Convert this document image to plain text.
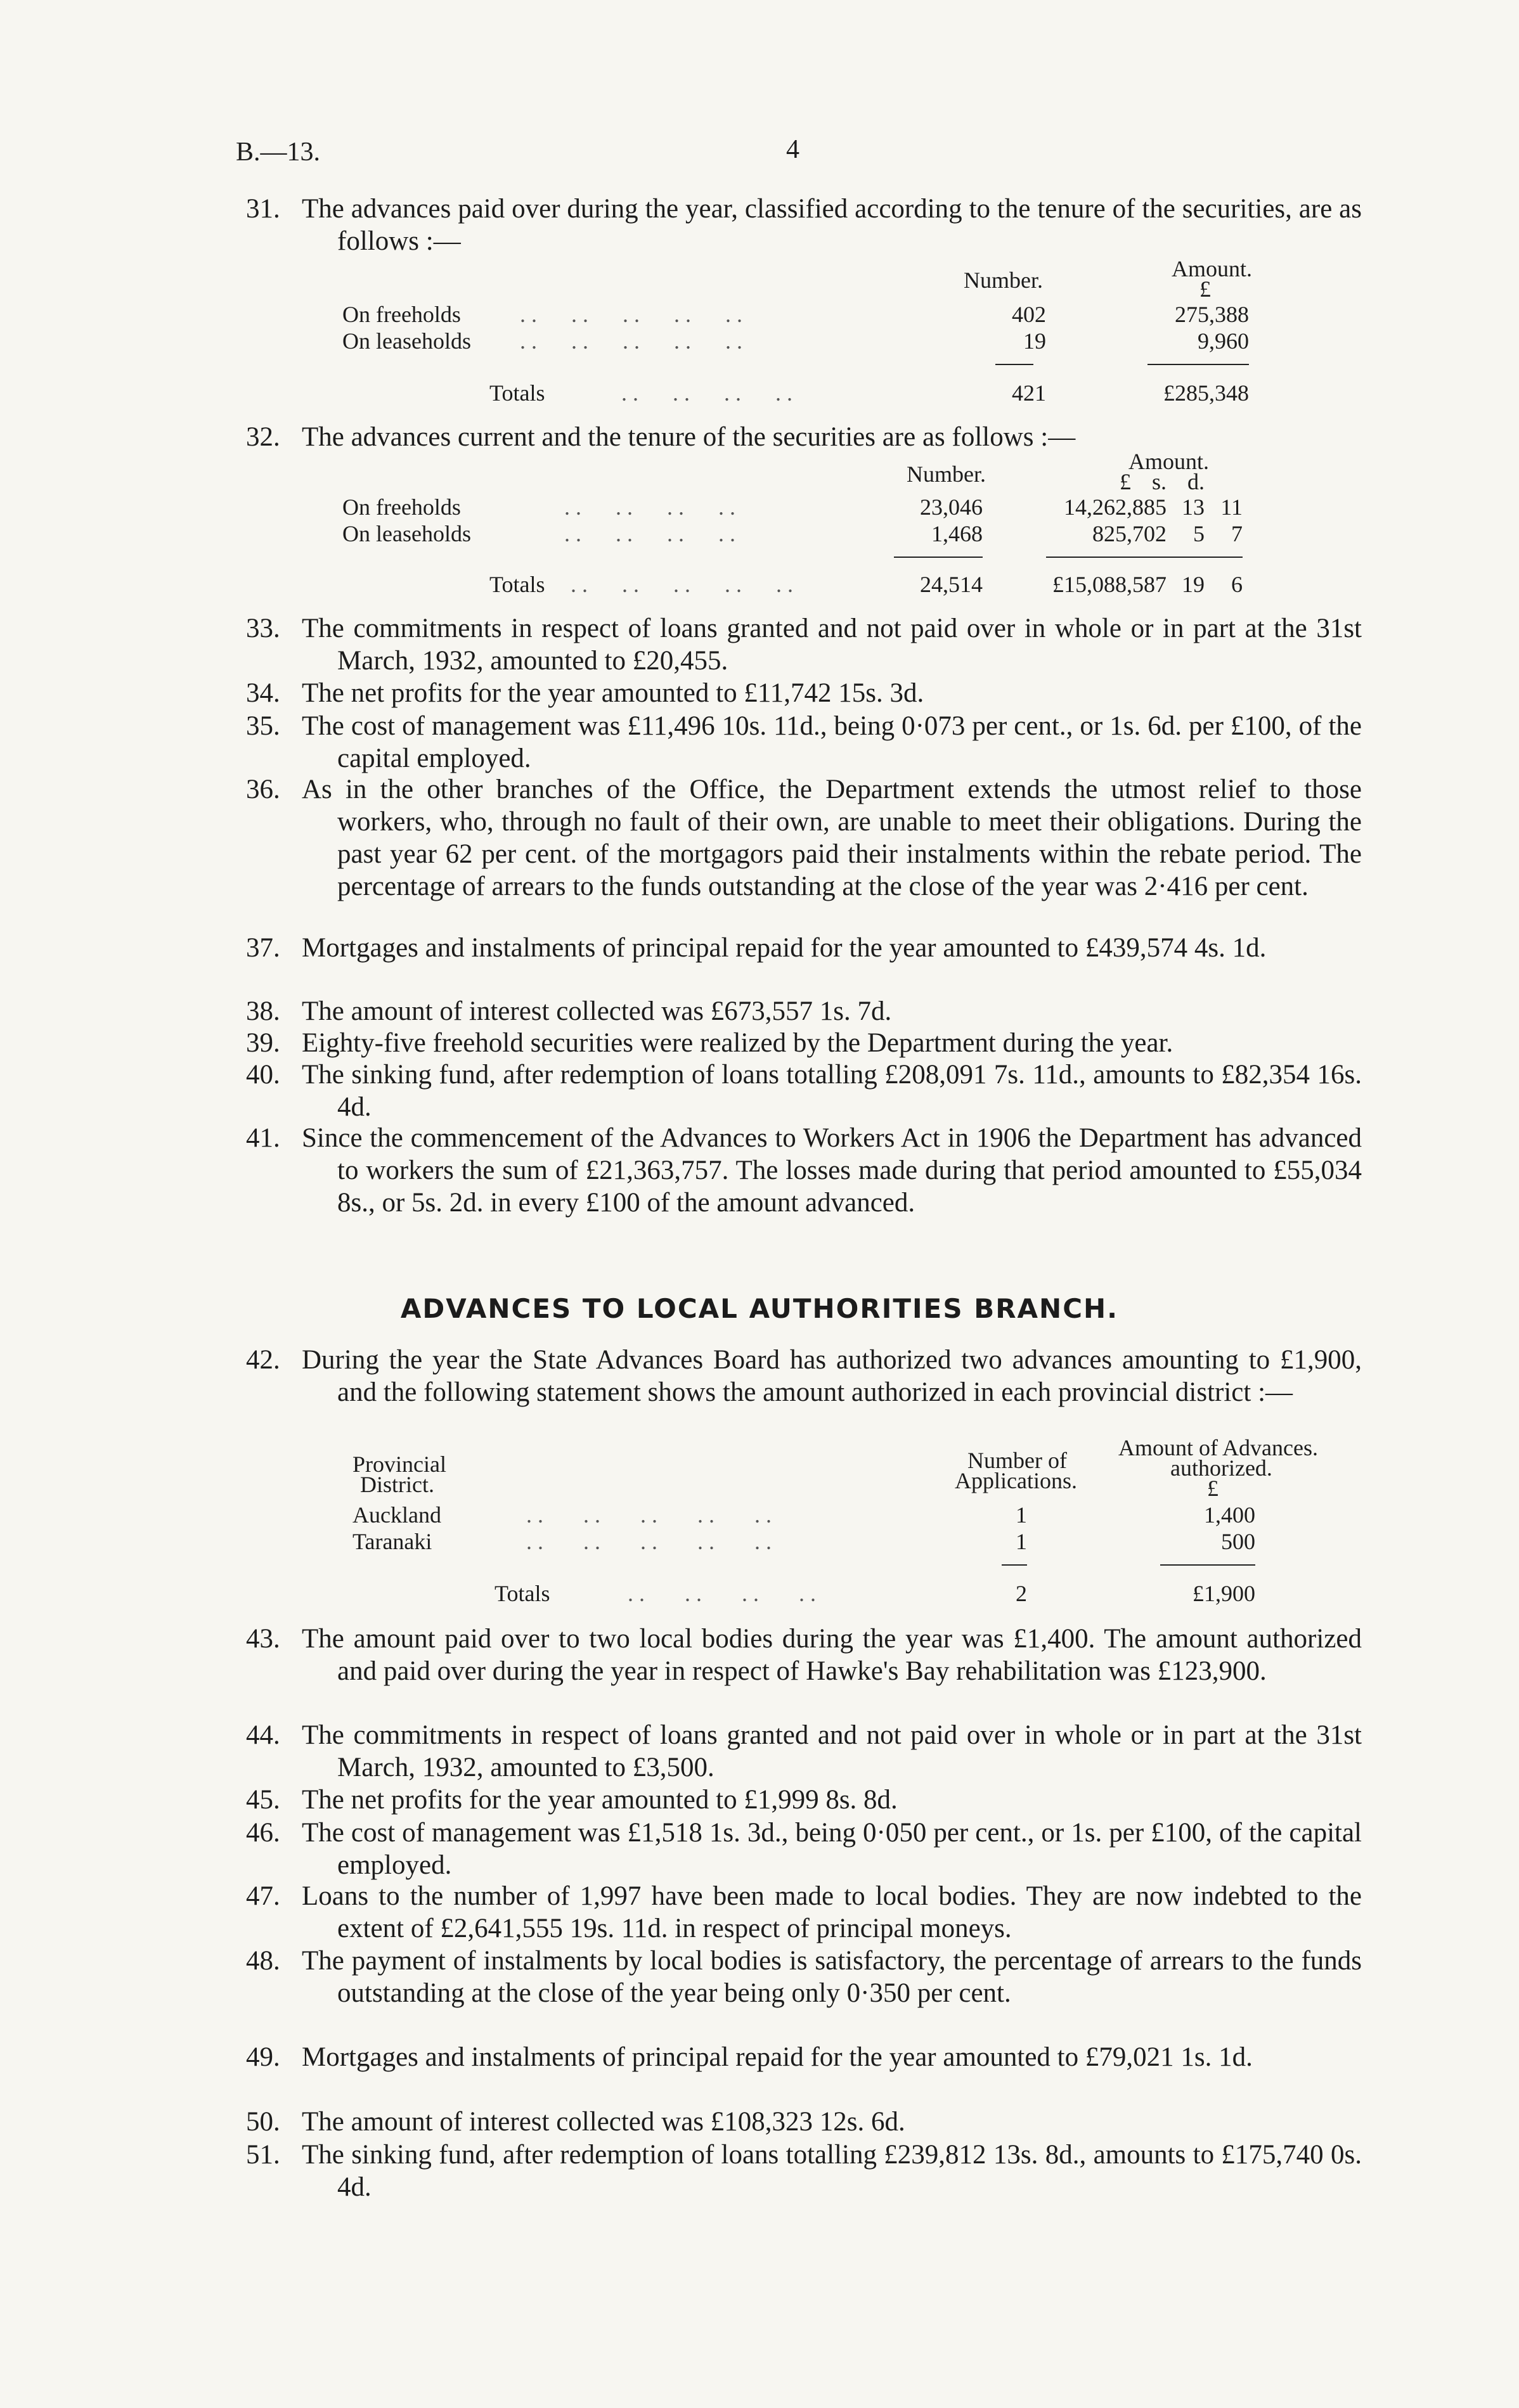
B.—13.	4
31. The advances paid over during the year, classified according to the tenure of the securities, are as follows :—
Number.	Amount.
£
On freeholds	. .      . .      . .      . .      . .	402	275,388
On leaseholds . .      . .      . .      . .      . .	19	9,960
Totals	. .      . .      . .      . .	421	£285,348
32. The advances current and the tenure of the securities are as follows :—
Number.	Amount.
£ s. d.
On freeholds	. .      . .      . .      . .	23,046	14,262,885 13 11
On leaseholds	. .      . .      . .      . .	1,468	825,702	5	7
Totals . .      . .      . .      . .      . .	24,514	£15,088,587 19	6
33. The commitments in respect of loans granted and not paid over in whole or in part at the 31st March, 1932, amounted to £20,455.
34. The net profits for the year amounted to £11,742 15s. 3d.
35. The cost of management was £11,496 10s. 11d., being 0·073 per cent., or 1s. 6d. per £100, of the capital employed.
36. As in the other branches of the Office, the Department extends the utmost relief to those workers, who, through no fault of their own, are unable to meet their obligations. During the past year 62 per cent. of the mortgagors paid their instalments within the rebate period. The percentage of arrears to the funds outstanding at the close of the year was 2·416 per cent.
37. Mortgages and instalments of principal repaid for the year amounted to £439,574 4s. 1d.
38. The amount of interest collected was £673,557 1s. 7d.
39. Eighty-five freehold securities were realized by the Department during the year.
40. The sinking fund, after redemption of loans totalling £208,091 7s. 11d., amounts to £82,354 16s. 4d.
41. Since the commencement of the Advances to Workers Act in 1906 the Department has advanced to workers the sum of £21,363,757. The losses made during that period amounted to £55,034 8s., or 5s. 2d. in every £100 of the amount advanced.
ADVANCES TO LOCAL AUTHORITIES BRANCH.
42. During the year the State Advances Board has authorized two advances amounting to £1,900, and the following statement shows the amount authorized in each provincial district :—
Provincial
District.
Number of
Applications.
Amount of Advances.
authorized.
£
Auckland	. .       . .       . .       . .       . .	1	1,400
Taranaki	. .       . .       . .       . .       . .	1	500
Totals	. .       . .       . .       . .	2	£1,900
43. The amount paid over to two local bodies during the year was £1,400. The amount authorized and paid over during the year in respect of Hawke's Bay rehabilitation was £123,900.
44. The commitments in respect of loans granted and not paid over in whole or in part at the 31st March, 1932, amounted to £3,500.
45. The net profits for the year amounted to £1,999 8s. 8d.
46. The cost of management was £1,518 1s. 3d., being 0·050 per cent., or 1s. per £100, of the capital employed.
47. Loans to the number of 1,997 have been made to local bodies. They are now indebted to the extent of £2,641,555 19s. 11d. in respect of principal moneys.
48. The payment of instalments by local bodies is satisfactory, the percentage of arrears to the funds outstanding at the close of the year being only 0·350 per cent.
49. Mortgages and instalments of principal repaid for the year amounted to £79,021 1s. 1d.
50. The amount of interest collected was £108,323 12s. 6d.
51. The sinking fund, after redemption of loans totalling £239,812 13s. 8d., amounts to £175,740 0s. 4d.
